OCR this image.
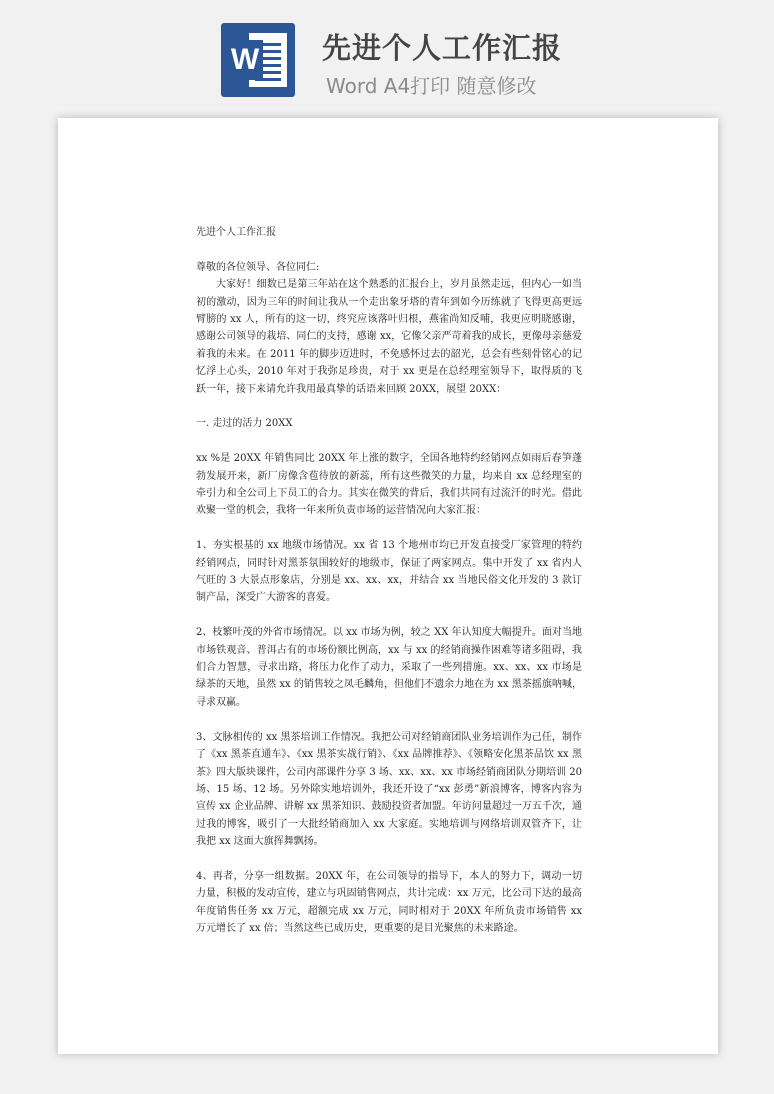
W 先进个人工作汇报
Word A4打印 随意修改

先进个人工作汇报

尊敬的各位领导、各位同仁:

大家好！细数已是第三年站在这个熟悉的汇报台上，岁月虽然走远，但内心一如当初的激动，因为三年的时间让我从一个走出象牙塔的青年到如今历练就了飞得更高更远臂膀的 xx 人，所有的这一切，终究应该落叶归根，燕雀尚知反哺，我更应明晓感谢，感谢公司领导的栽培、同仁的支持，感谢 xx，它像父亲严苛着我的成长，更像母亲慈爱着我的未来。在 2011 年的脚步迈进时，不免感怀过去的韶光，总会有些刻骨铭心的记忆浮上心头，2010 年对于我弥足珍贵，对于 xx 更是在总经理室领导下，取得质的飞跃一年，接下来请允许我用最真挚的话语来回顾 20XX，展望 20XX：

一. 走过的活力 20XX

xx %是 20XX 年销售同比 20XX 年上涨的数字，全国各地特约经销网点如雨后春笋蓬勃发展开来，新厂房像含苞待放的新蕊，所有这些微笑的力量，均来自 xx 总经理室的牵引力和全公司上下员工的合力。其实在微笑的背后，我们共同有过流汗的时光。借此欢聚一堂的机会，我将一年来所负责市场的运营情况向大家汇报：

1、夯实根基的 xx 地级市场情况。xx 省 13 个地州市均已开发直接受厂家管理的特约经销网点，同时针对黑茶氛围较好的地级市，保证了两家网点。集中开发了 xx 省内人气旺的 3 大景点形象店，分别是 xx、xx、xx，并结合 xx 当地民俗文化开发的 3 款订制产品，深受广大游客的喜爱。

2、枝繁叶茂的外省市场情况。以 xx 市场为例，较之 XX 年认知度大幅提升。面对当地市场铁观音、普洱占有的市场份额比例高，xx 与 xx 的经销商操作困难等诸多阻碍，我们合力智慧，寻求出路，将压力化作了动力，采取了一些列措施。xx、xx、xx 市场是绿茶的天地，虽然 xx 的销售较之凤毛麟角，但他们不遗余力地在为 xx 黑茶摇旗呐喊，寻求双赢。

3、文脉相传的 xx 黑茶培训工作情况。我把公司对经销商团队业务培训作为己任，制作了《xx 黑茶直通车》、《xx 黑茶实战行销》、《xx 品牌推荐》、《领略安化黑茶品饮 xx 黑茶》四大版块课件，公司内部课件分享 3 场、xx、xx、xx 市场经销商团队分期培训 20 场、15 场、12 场。另外除实地培训外，我还开设了“xx 彭勇”新浪博客，博客内容为宣传 xx 企业品牌、讲解 xx 黑茶知识、鼓励投资者加盟。年访问量超过一万五千次，通过我的博客，吸引了一大批经销商加入 xx 大家庭。实地培训与网络培训双管齐下，让我把 xx 这面大旗挥舞飘扬。

4、再者，分享一组数据。20XX 年，在公司领导的指导下，本人的努力下，调动一切力量，积极的发动宣传，建立与巩固销售网点，共计完成：xx 万元，比公司下达的最高年度销售任务 xx 万元，超额完成 xx 万元，同时相对于 20XX 年所负责市场销售 xx 万元增长了 xx 倍；当然这些已成历史，更重要的是目光聚焦的未来路途。
